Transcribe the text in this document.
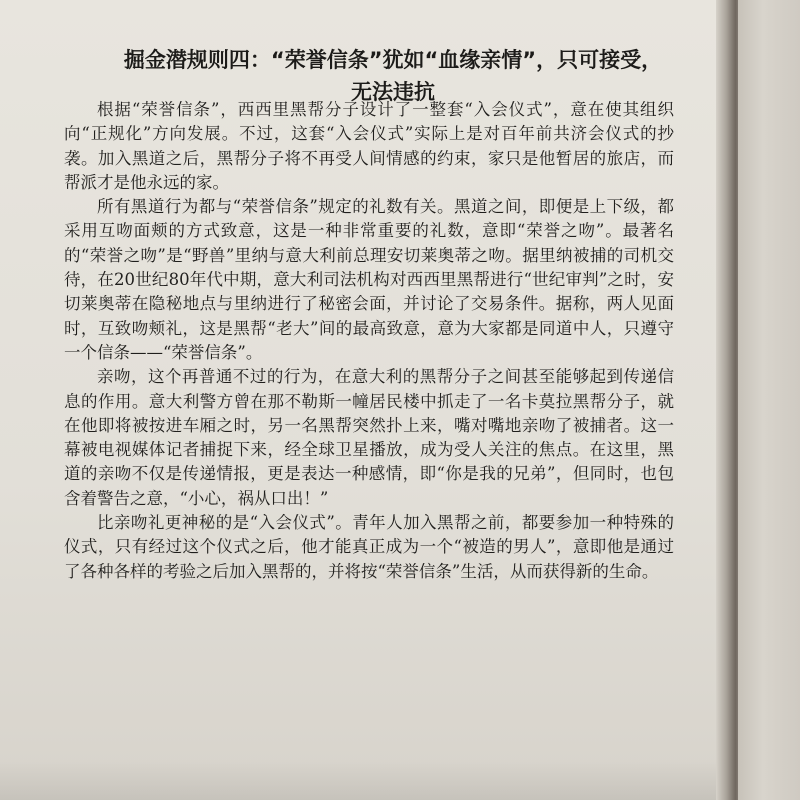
掘金潜规则四：“荣誉信条”犹如“血缘亲情”，只可接受，
无法违抗

根据“荣誉信条”，西西里黑帮分子设计了一整套“入会仪式”，意在使其组织向“正规化”方向发展。不过，这套“入会仪式”实际上是对百年前共济会仪式的抄袭。加入黑道之后，黑帮分子将不再受人间情感的约束，家只是他暂居的旅店，而帮派才是他永远的家。

所有黑道行为都与“荣誉信条”规定的礼数有关。黑道之间，即便是上下级，都采用互吻面颊的方式致意，这是一种非常重要的礼数，意即“荣誉之吻”。最著名的“荣誉之吻”是“野兽”里纳与意大利前总理安切莱奥蒂之吻。据里纳被捕的司机交待，在20世纪80年代中期，意大利司法机构对西西里黑帮进行“世纪审判”之时，安切莱奥蒂在隐秘地点与里纳进行了秘密会面，并讨论了交易条件。据称，两人见面时，互致吻颊礼，这是黑帮“老大”间的最高致意，意为大家都是同道中人，只遵守一个信条——“荣誉信条”。

亲吻，这个再普通不过的行为，在意大利的黑帮分子之间甚至能够起到传递信息的作用。意大利警方曾在那不勒斯一幢居民楼中抓走了一名卡莫拉黑帮分子，就在他即将被按进车厢之时，另一名黑帮突然扑上来，嘴对嘴地亲吻了被捕者。这一幕被电视媒体记者捕捉下来，经全球卫星播放，成为受人关注的焦点。在这里，黑道的亲吻不仅是传递情报，更是表达一种感情，即“你是我的兄弟”，但同时，也包含着警告之意，“小心，祸从口出！”

比亲吻礼更神秘的是“入会仪式”。青年人加入黑帮之前，都要参加一种特殊的仪式，只有经过这个仪式之后，他才能真正成为一个“被造的男人”，意即他是通过了各种各样的考验之后加入黑帮的，并将按“荣誉信条”生活，从而获得新的生命。
